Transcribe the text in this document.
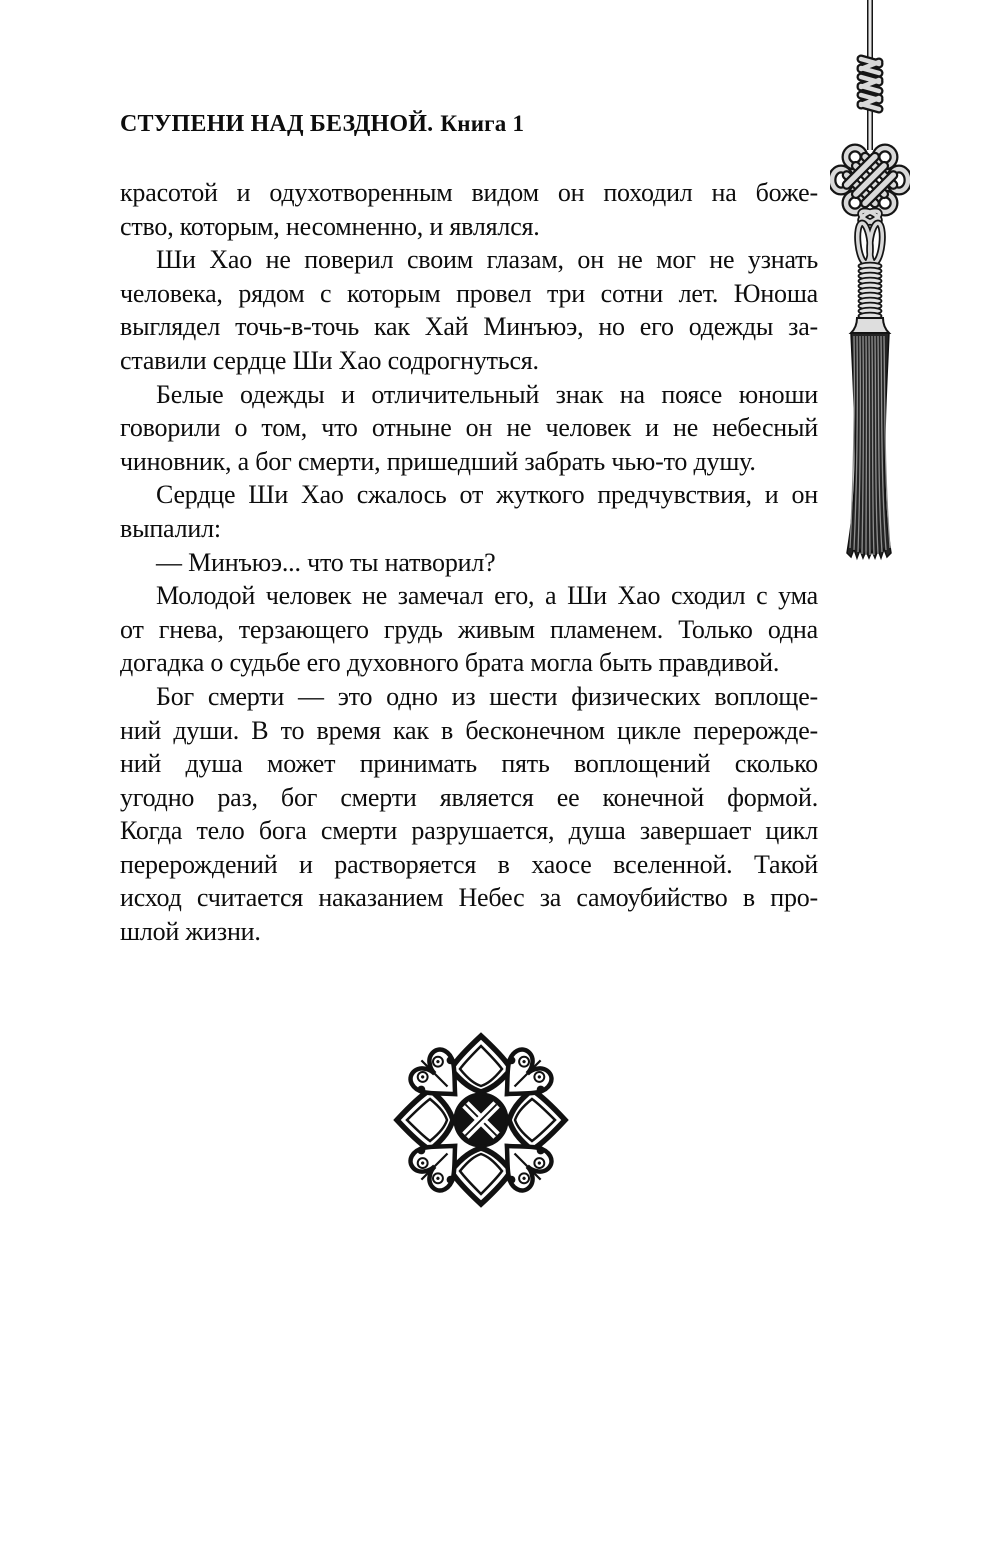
СТУПЕНИ НАД БЕЗДНОЙ. Книга 1
красотой и одухотворенным видом он походил на боже-
ство, которым, несомненно, и являлся.
Ши Хао не поверил своим глазам, он не мог не узнать
человека, рядом с которым провел три сотни лет. Юноша
выглядел точь-в-точь как Хай Минъюэ, но его одежды за-
ставили сердце Ши Хао содрогнуться.
Белые одежды и отличительный знак на поясе юноши
говорили о том, что отныне он не человек и не небесный
чиновник, а бог смерти, пришедший забрать чью-то душу.
Сердце Ши Хао сжалось от жуткого предчувствия, и он
выпалил:
— Минъюэ... что ты натворил?
Молодой человек не замечал его, а Ши Хао сходил с ума
от гнева, терзающего грудь живым пламенем. Только одна
догадка о судьбе его духовного брата могла быть правдивой.
Бог смерти — это одно из шести физических воплоще-
ний души. В то время как в бесконечном цикле перерожде-
ний душа может принимать пять воплощений сколько
угодно раз, бог смерти является ее конечной формой.
Когда тело бога смерти разрушается, душа завершает цикл
перерождений и растворяется в хаосе вселенной. Такой
исход считается наказанием Небес за самоубийство в про-
шлой жизни.
